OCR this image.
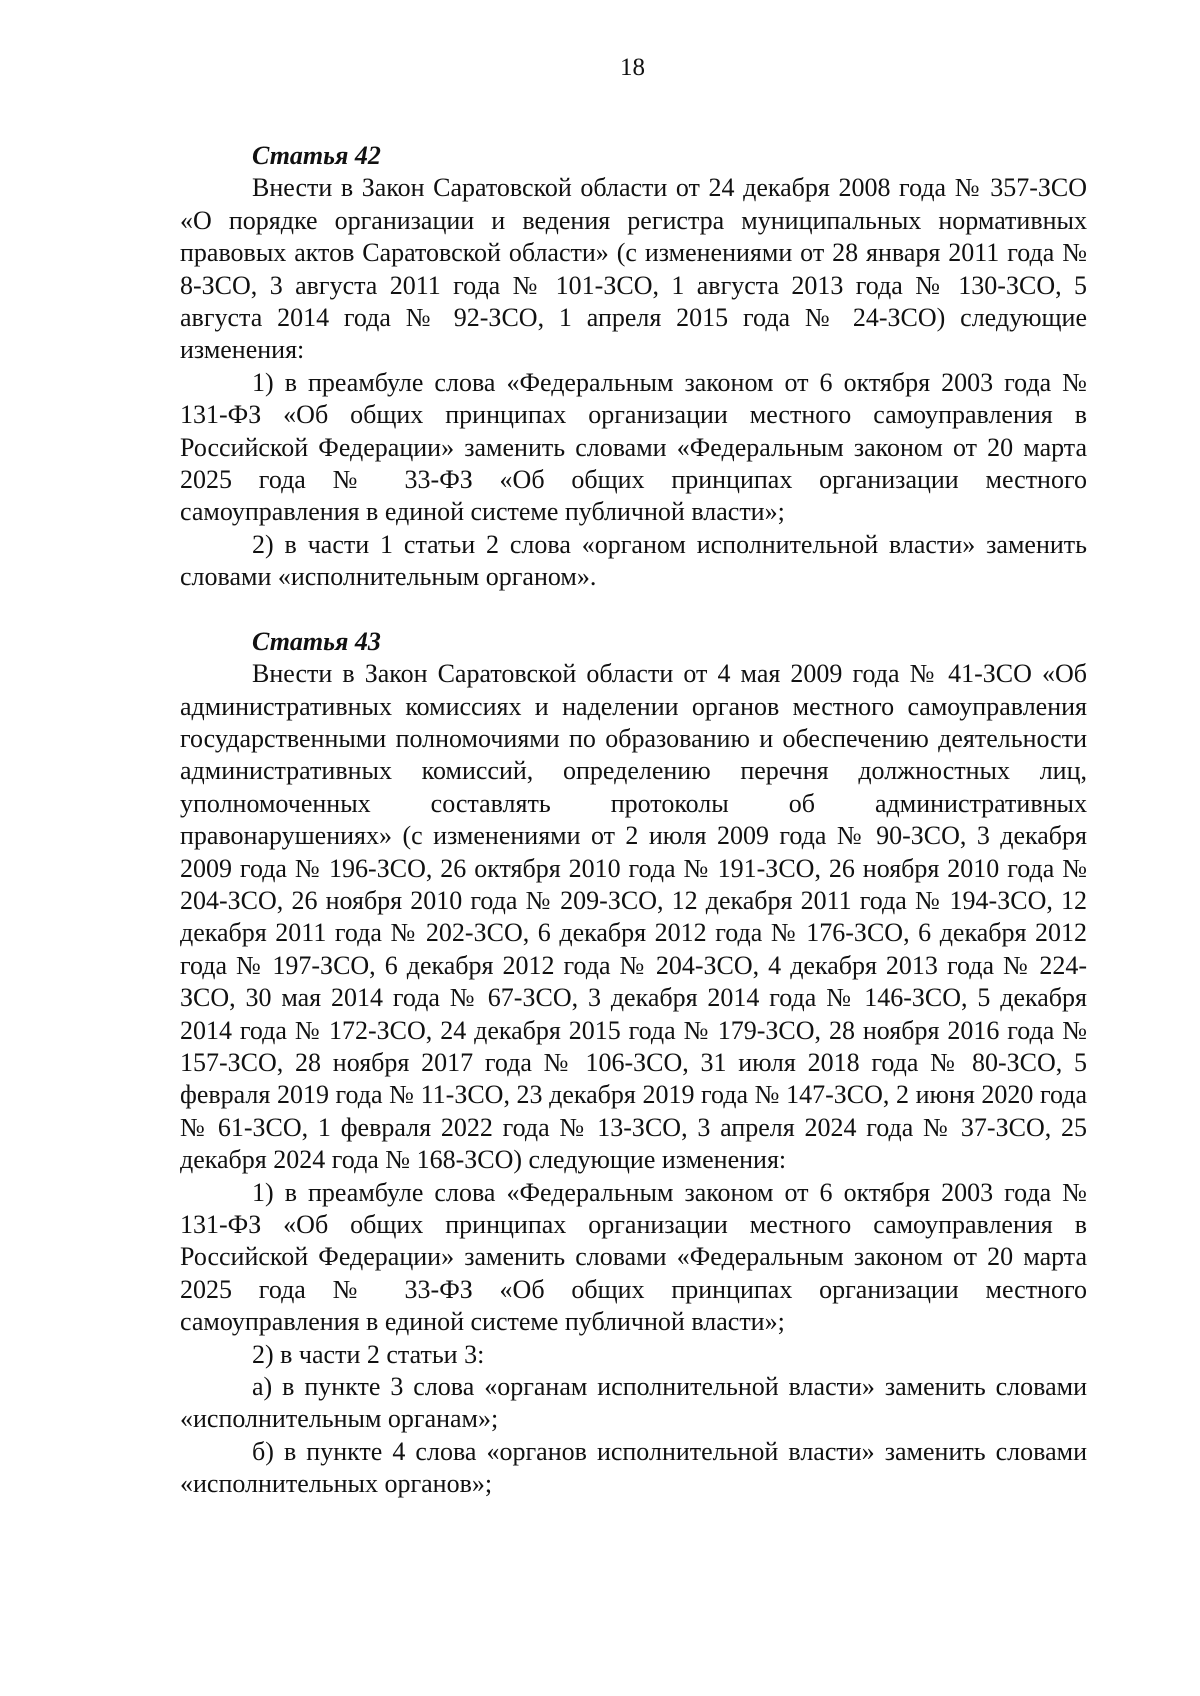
18

Статья 42

Внести в Закон Саратовской области от 24 декабря 2008 года № 357-ЗСО «О порядке организации и ведения регистра муниципальных нормативных правовых актов Саратовской области» (с изменениями от 28 января 2011 года № 8-ЗСО, 3 августа 2011 года № 101-ЗСО, 1 августа 2013 года № 130-ЗСО, 5 августа 2014 года № 92-ЗСО, 1 апреля 2015 года № 24-ЗСО) следующие изменения:

1) в преамбуле слова «Федеральным законом от 6 октября 2003 года № 131-ФЗ «Об общих принципах организации местного самоуправления в Российской Федерации» заменить словами «Федеральным законом от 20 марта 2025 года № 33-ФЗ «Об общих принципах организации местного самоуправления в единой системе публичной власти»;

2) в части 1 статьи 2 слова «органом исполнительной власти» заменить словами «исполнительным органом».

Статья 43

Внести в Закон Саратовской области от 4 мая 2009 года № 41-ЗСО «Об административных комиссиях и наделении органов местного самоуправления государственными полномочиями по образованию и обеспечению деятельности административных комиссий, определению перечня должностных лиц, уполномоченных составлять протоколы об административных правонарушениях» (с изменениями от 2 июля 2009 года № 90-ЗСО, 3 декабря 2009 года № 196-ЗСО, 26 октября 2010 года № 191-ЗСО, 26 ноября 2010 года № 204-ЗСО, 26 ноября 2010 года № 209-ЗСО, 12 декабря 2011 года № 194-ЗСО, 12 декабря 2011 года № 202-ЗСО, 6 декабря 2012 года № 176-ЗСО, 6 декабря 2012 года № 197-ЗСО, 6 декабря 2012 года № 204-ЗСО, 4 декабря 2013 года № 224-ЗСО, 30 мая 2014 года № 67-ЗСО, 3 декабря 2014 года № 146-ЗСО, 5 декабря 2014 года № 172-ЗСО, 24 декабря 2015 года № 179-ЗСО, 28 ноября 2016 года № 157-ЗСО, 28 ноября 2017 года № 106-ЗСО, 31 июля 2018 года № 80-ЗСО, 5 февраля 2019 года № 11-ЗСО, 23 декабря 2019 года № 147-ЗСО, 2 июня 2020 года № 61-ЗСО, 1 февраля 2022 года № 13-ЗСО, 3 апреля 2024 года № 37-ЗСО, 25 декабря 2024 года № 168-ЗСО) следующие изменения:

1) в преамбуле слова «Федеральным законом от 6 октября 2003 года № 131-ФЗ «Об общих принципах организации местного самоуправления в Российской Федерации» заменить словами «Федеральным законом от 20 марта 2025 года № 33-ФЗ «Об общих принципах организации местного самоуправления в единой системе публичной власти»;

2) в части 2 статьи 3:

а) в пункте 3 слова «органам исполнительной власти» заменить словами «исполнительным органам»;

б) в пункте 4 слова «органов исполнительной власти» заменить словами «исполнительных органов»;
